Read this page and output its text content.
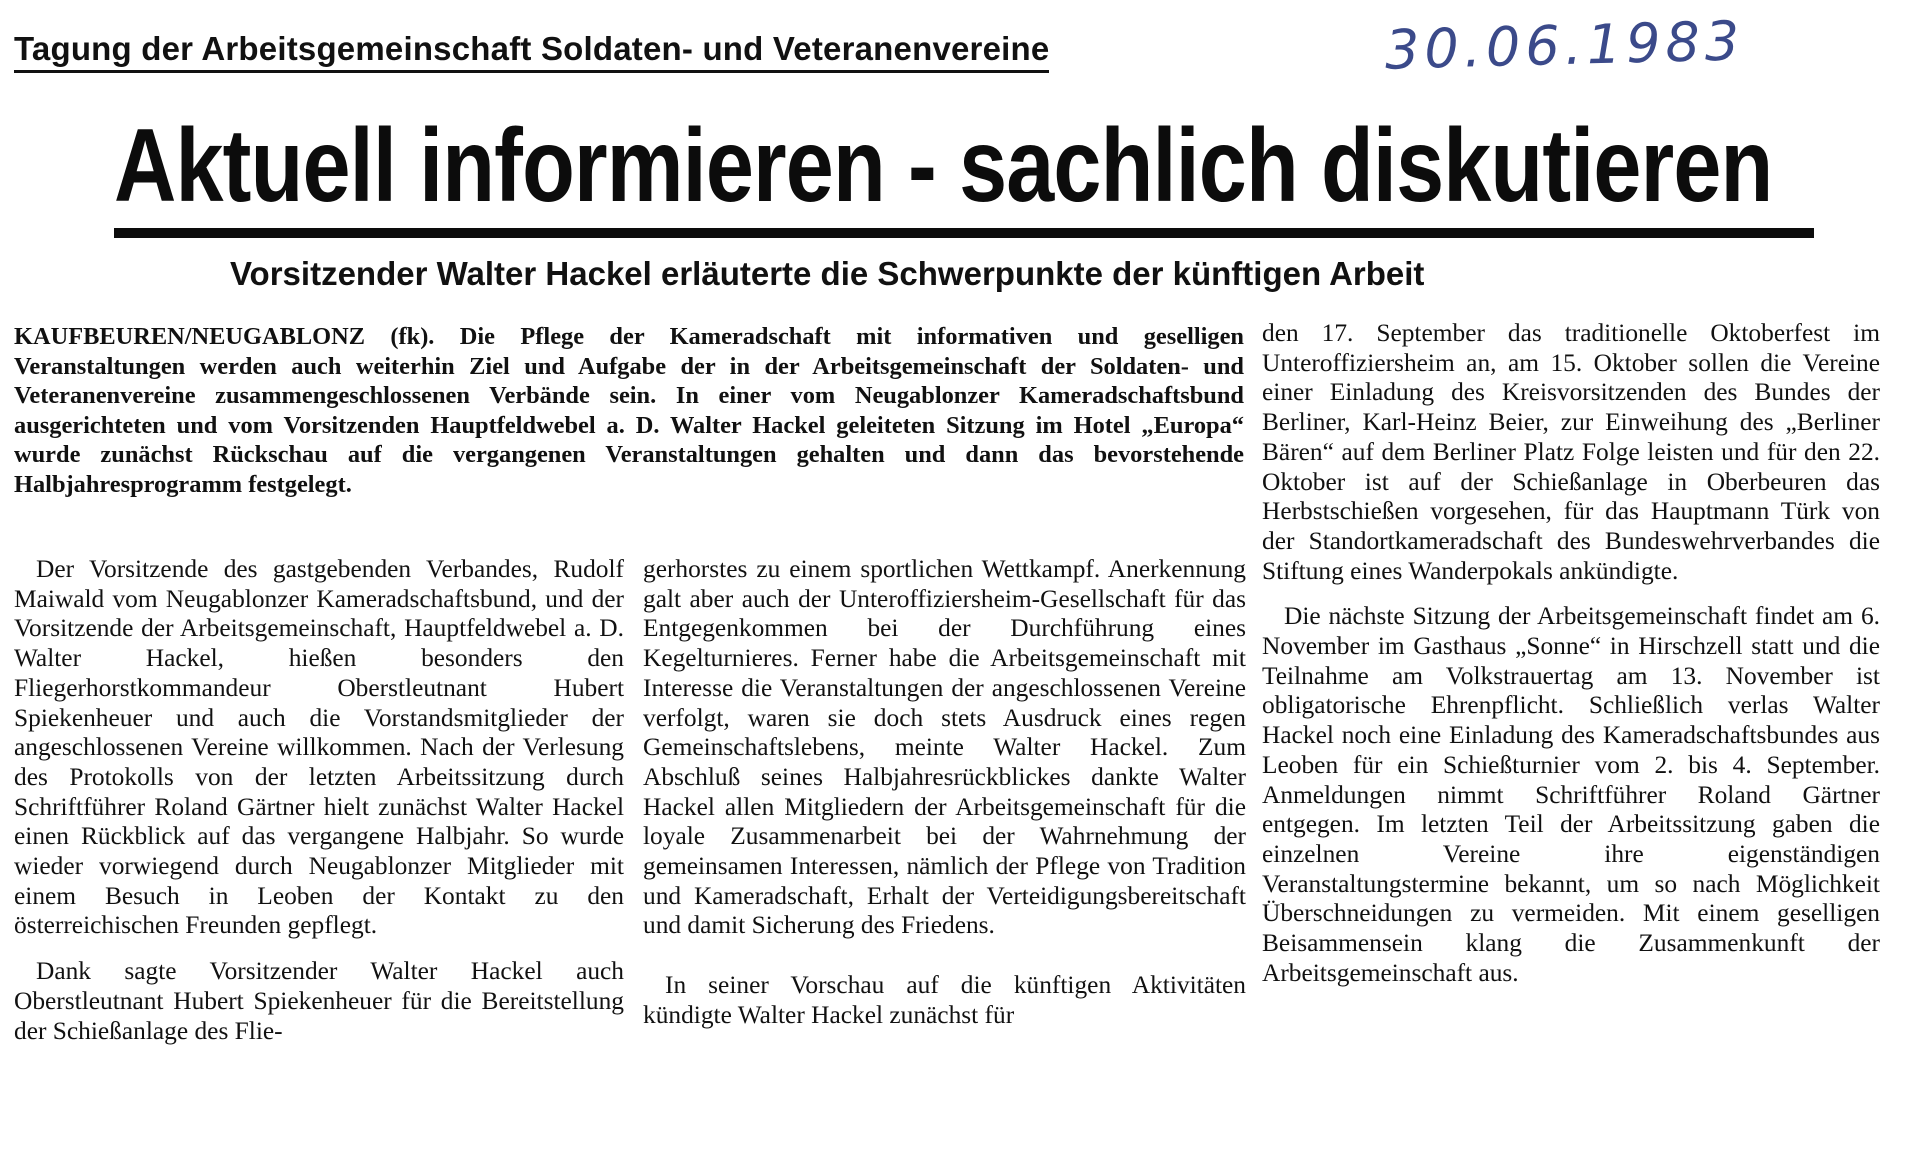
Tagung der Arbeitsgemeinschaft Soldaten- und Veteranenvereine	30.06.1983
Aktuell informieren - sachlich diskutieren
Vorsitzender Walter Hackel erläuterte die Schwerpunkte der künftigen Arbeit
KAUFBEUREN/NEUGABLONZ (fk). Die Pflege der Kameradschaft mit informativen und geselligen Veranstaltungen werden auch weiterhin Ziel und Aufgabe der in der Arbeitsgemeinschaft der Soldaten- und Veteranenvereine zusammengeschlossenen Verbände sein. In einer vom Neugablonzer Kameradschaftsbund ausgerichteten und vom Vorsitzenden Hauptfeldwebel a. D. Walter Hackel geleiteten Sitzung im Hotel „Europa“ wurde zunächst Rückschau auf die vergangenen Veranstaltungen gehalten und dann das bevorstehende Halbjahresprogramm festgelegt.

Der Vorsitzende des gastgebenden Verbandes, Rudolf Maiwald vom Neugablonzer Kameradschaftsbund, und der Vorsitzende der Arbeitsgemeinschaft, Hauptfeldwebel a. D. Walter Hackel, hießen besonders den Fliegerhorstkommandeur Oberstleutnant Hubert Spiekenheuer und auch die Vorstandsmitglieder der angeschlossenen Vereine willkommen. Nach der Verlesung des Protokolls von der letzten Arbeitssitzung durch Schriftführer Roland Gärtner hielt zunächst Walter Hackel einen Rückblick auf das vergangene Halbjahr. So wurde wieder vorwiegend durch Neugablonzer Mitglieder mit einem Besuch in Leoben der Kontakt zu den österreichischen Freunden gepflegt.

Dank sagte Vorsitzender Walter Hackel auch Oberstleutnant Hubert Spiekenheuer für die Bereitstellung der Schießanlage des Flie-

gerhorstes zu einem sportlichen Wettkampf. Anerkennung galt aber auch der Unteroffiziersheim-Gesellschaft für das Entgegenkommen bei der Durchführung eines Kegelturnieres. Ferner habe die Arbeitsgemeinschaft mit Interesse die Veranstaltungen der angeschlossenen Vereine verfolgt, waren sie doch stets Ausdruck eines regen Gemeinschaftslebens, meinte Walter Hackel. Zum Abschluß seines Halbjahresrückblickes dankte Walter Hackel allen Mitgliedern der Arbeitsgemeinschaft für die loyale Zusammenarbeit bei der Wahrnehmung der gemeinsamen Interessen, nämlich der Pflege von Tradition und Kameradschaft, Erhalt der Verteidigungsbereitschaft und damit Sicherung des Friedens.

In seiner Vorschau auf die künftigen Aktivitäten kündigte Walter Hackel zunächst für

den 17. September das traditionelle Oktoberfest im Unteroffiziersheim an, am 15. Oktober sollen die Vereine einer Einladung des Kreisvorsitzenden des Bundes der Berliner, Karl-Heinz Beier, zur Einweihung des „Berliner Bären“ auf dem Berliner Platz Folge leisten und für den 22. Oktober ist auf der Schießanlage in Oberbeuren das Herbstschießen vorgesehen, für das Hauptmann Türk von der Standortkameradschaft des Bundeswehrverbandes die Stiftung eines Wanderpokals ankündigte.

Die nächste Sitzung der Arbeitsgemeinschaft findet am 6. November im Gasthaus „Sonne“ in Hirschzell statt und die Teilnahme am Volkstrauertag am 13. November ist obligatorische Ehrenpflicht. Schließlich verlas Walter Hackel noch eine Einladung des Kameradschaftsbundes aus Leoben für ein Schießturnier vom 2. bis 4. September. Anmeldungen nimmt Schriftführer Roland Gärtner entgegen. Im letzten Teil der Arbeitssitzung gaben die einzelnen Vereine ihre eigenständigen Veranstaltungstermine bekannt, um so nach Möglichkeit Überschneidungen zu vermeiden. Mit einem geselligen Beisammensein klang die Zusammenkunft der Arbeitsgemeinschaft aus.
